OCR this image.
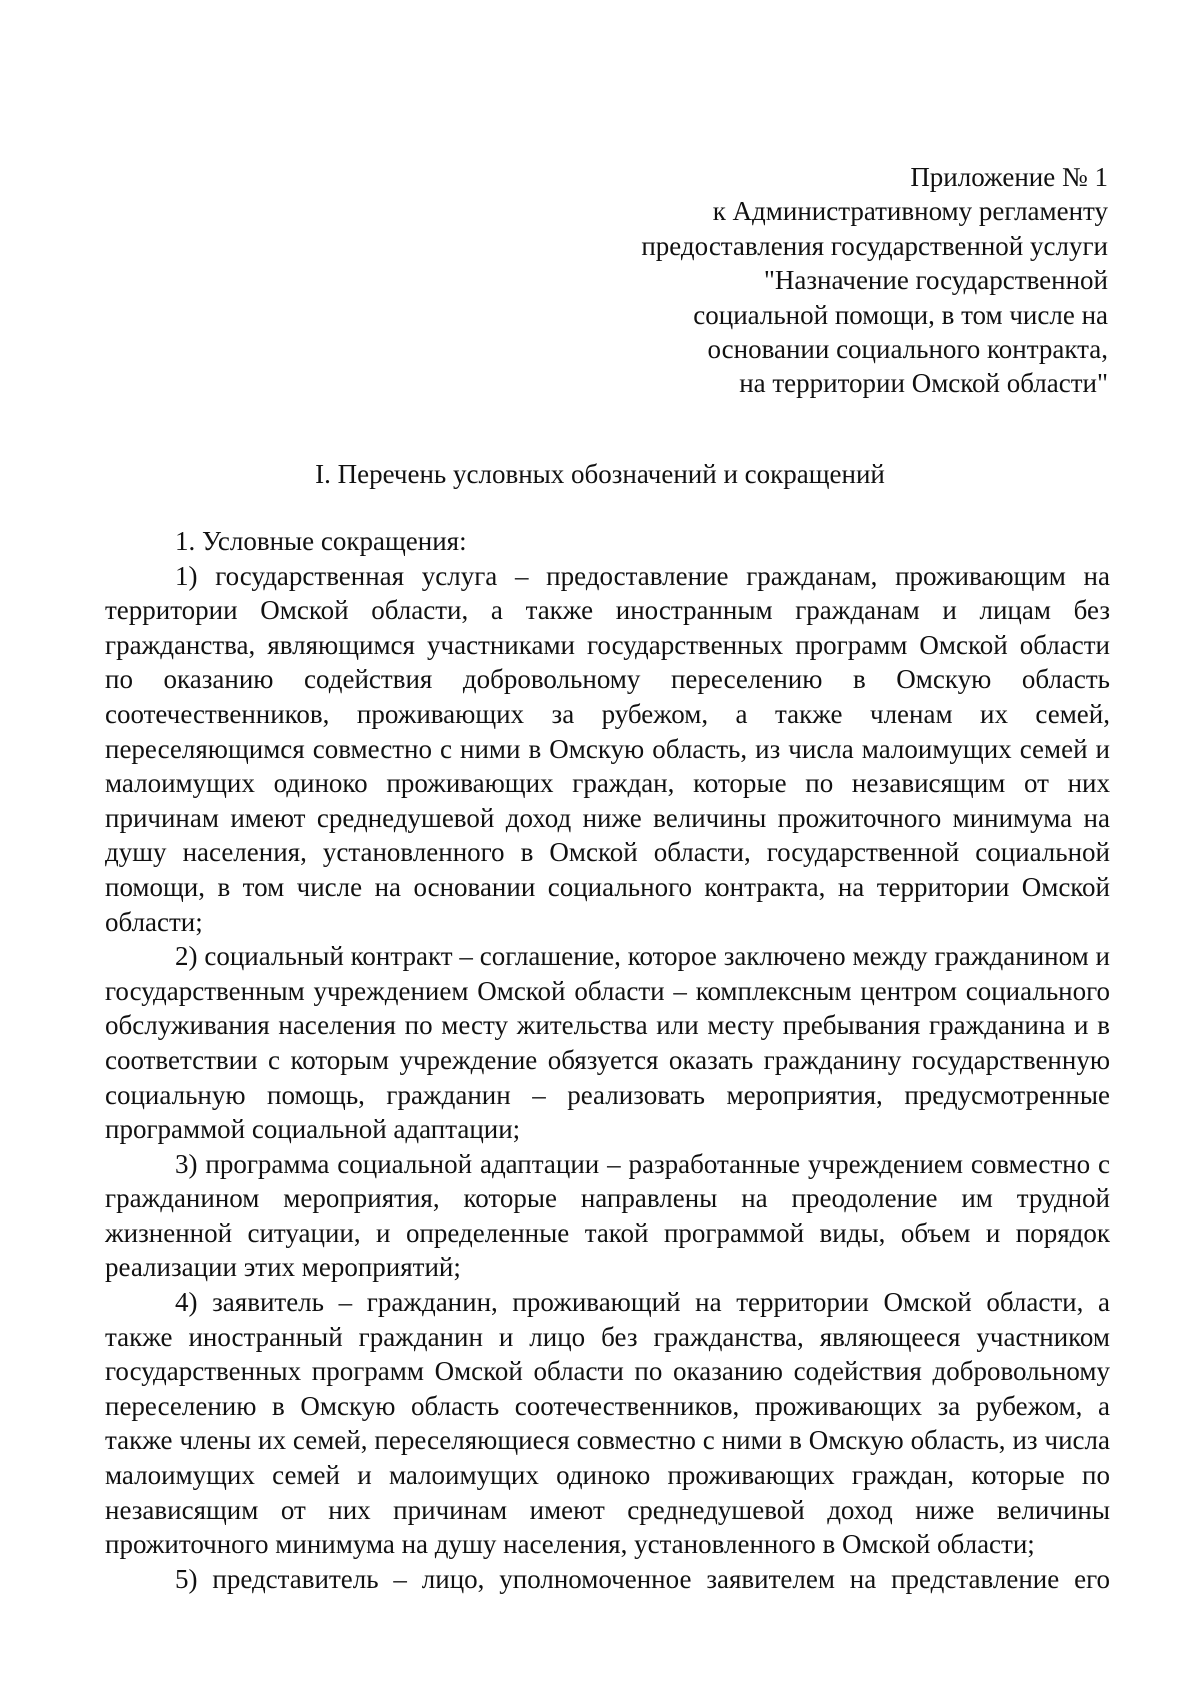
Приложение № 1
к Административному регламенту
предоставления государственной услуги
"Назначение государственной
социальной помощи, в том числе на
основании социального контракта,
на территории Омской области"
I. Перечень условных обозначений и сокращений

1. Условные сокращения:

1) государственная услуга – предоставление гражданам, проживающим на территории Омской области, а также иностранным гражданам и лицам без гражданства, являющимся участниками государственных программ Омской области по оказанию содействия добровольному переселению в Омскую область соотечественников, проживающих за рубежом, а также членам их семей, переселяющимся совместно с ними в Омскую область, из числа малоимущих семей и малоимущих одиноко проживающих граждан, которые по независящим от них причинам имеют среднедушевой доход ниже величины прожиточного минимума на душу населения, установленного в Омской области, государственной социальной помощи, в том числе на основании социального контракта, на территории Омской области;

2) социальный контракт – соглашение, которое заключено между гражданином и государственным учреждением Омской области – комплексным центром социального обслуживания населения по месту жительства или месту пребывания гражданина и в соответствии с которым учреждение обязуется оказать гражданину государственную социальную помощь, гражданин – реализовать мероприятия, предусмотренные программой социальной адаптации;

3) программа социальной адаптации – разработанные учреждением совместно с гражданином мероприятия, которые направлены на преодоление им трудной жизненной ситуации, и определенные такой программой виды, объем и порядок реализации этих мероприятий;

4) заявитель – гражданин, проживающий на территории Омской области, а также иностранный гражданин и лицо без гражданства, являющееся участником государственных программ Омской области по оказанию содействия добровольному переселению в Омскую область соотечественников, проживающих за рубежом, а также члены их семей, переселяющиеся совместно с ними в Омскую область, из числа малоимущих семей и малоимущих одиноко проживающих граждан, которые по независящим от них причинам имеют среднедушевой доход ниже величины прожиточного минимума на душу населения, установленного в Омской области;

5) представитель – лицо, уполномоченное заявителем на представление его
